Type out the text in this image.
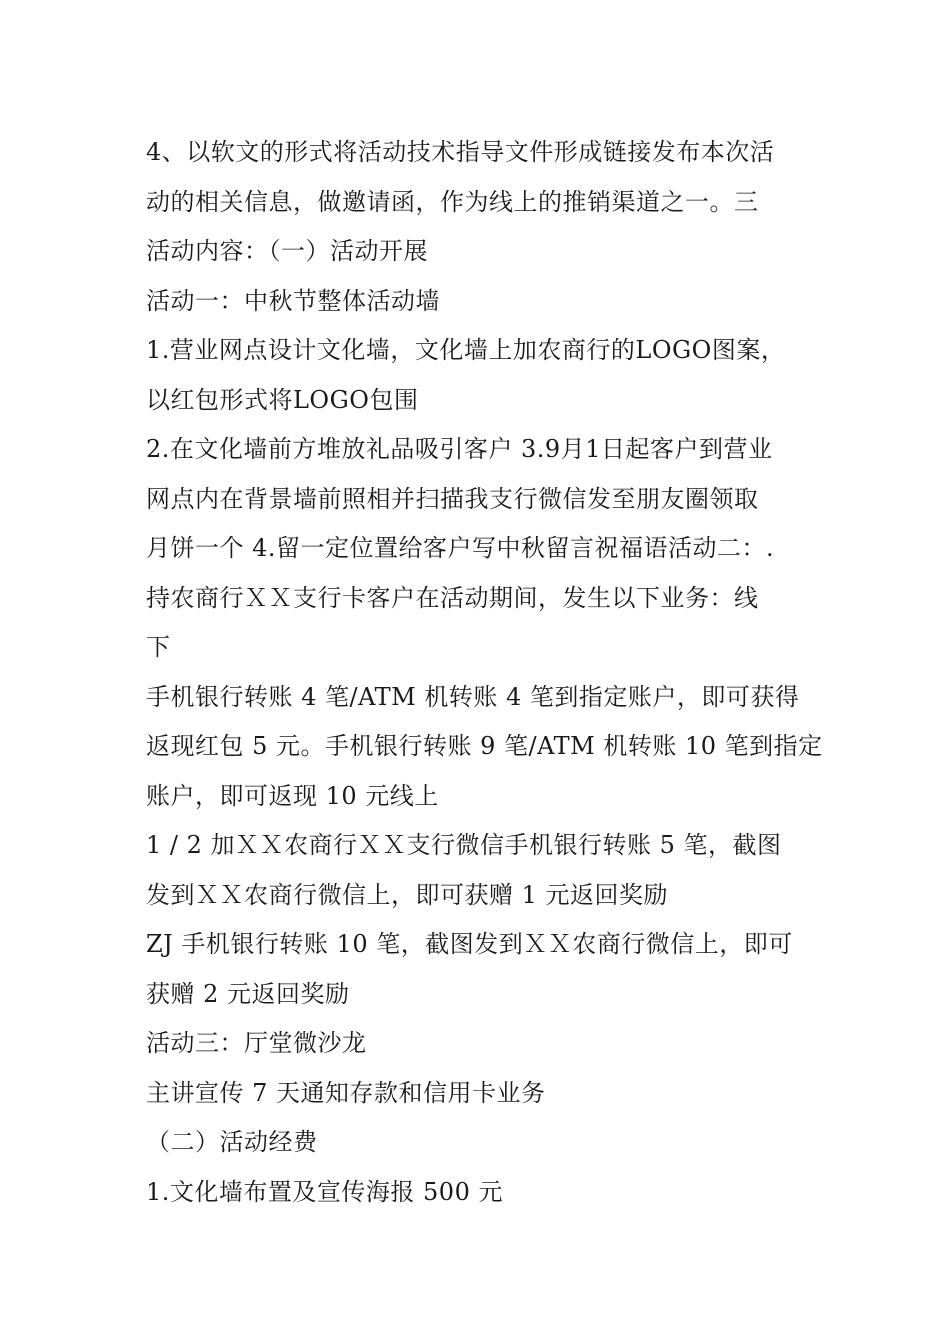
4、以软文的形式将活动技术指导文件形成链接发布本次活
动的相关信息，做邀请函，作为线上的推销渠道之一。三
活动内容：（一）活动开展
活动一：中秋节整体活动墙
1.营业网点设计文化墙，文化墙上加农商行的LOGO图案，
以红包形式将LOGO包围
2.在文化墙前方堆放礼品吸引客户 3.9月1日起客户到营业
网点内在背景墙前照相并扫描我支行微信发至朋友圈领取
月饼一个 4.留一定位置给客户写中秋留言祝福语活动二：.
持农商行ＸＸ支行卡客户在活动期间，发生以下业务：线
下
手机银行转账 4 笔/ATM 机转账 4 笔到指定账户，即可获得
返现红包 5 元。手机银行转账 9 笔/ATM 机转账 10 笔到指定
账户，即可返现 10 元线上
1 / 2 加ＸＸ农商行ＸＸ支行微信手机银行转账 5 笔，截图
发到ＸＸ农商行微信上，即可获赠 1 元返回奖励
ZJ 手机银行转账 10 笔，截图发到ＸＸ农商行微信上，即可
获赠 2 元返回奖励
活动三：厅堂微沙龙
主讲宣传 7 天通知存款和信用卡业务
（二）活动经费
1.文化墙布置及宣传海报 500 元
